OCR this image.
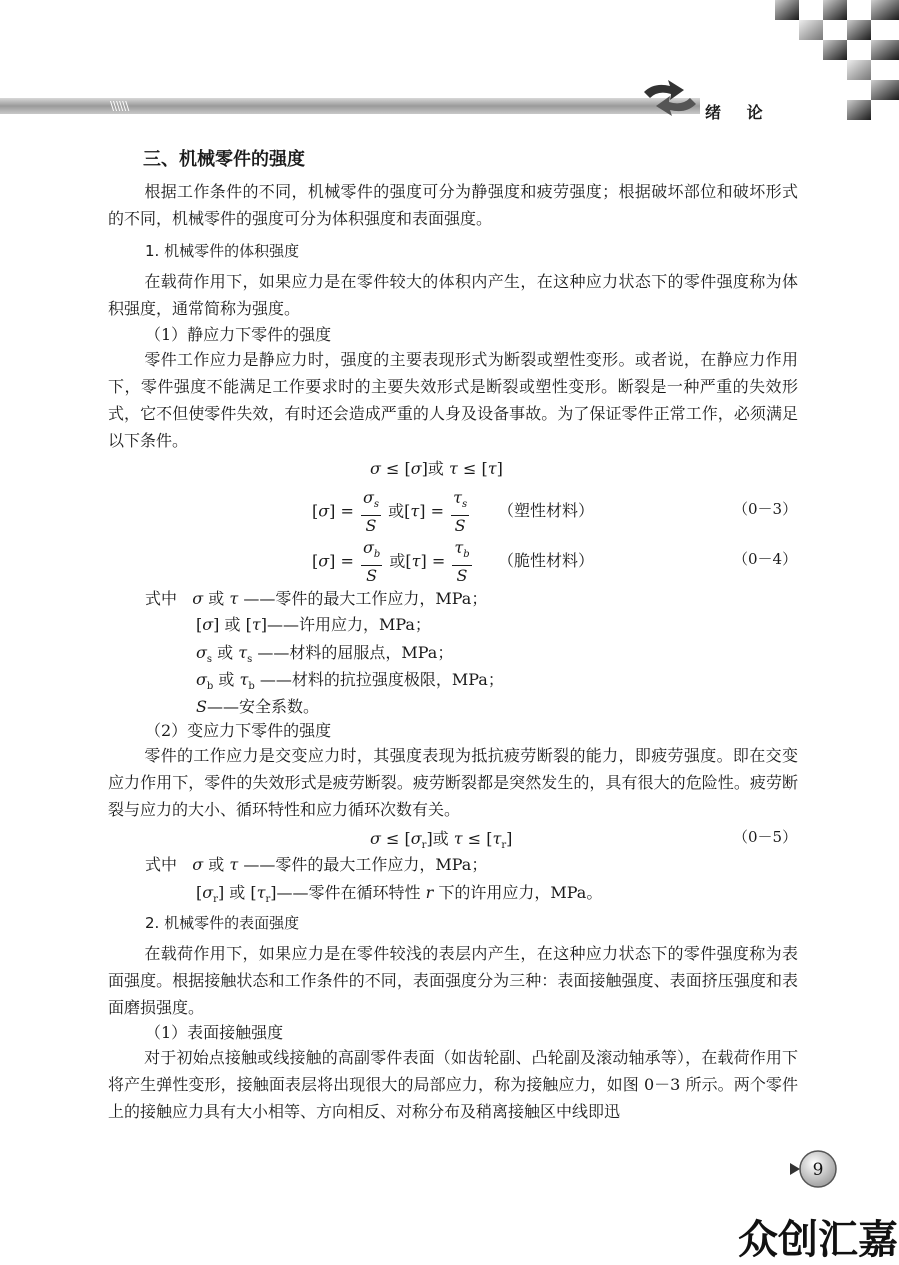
\\\\\\	绪 论
三、机械零件的强度

根据工作条件的不同，机械零件的强度可分为静强度和疲劳强度；根据破坏部位和破坏形式的不同，机械零件的强度可分为体积强度和表面强度。

1. 机械零件的体积强度

在载荷作用下，如果应力是在零件较大的体积内产生，在这种应力状态下的零件强度称为体积强度，通常简称为强度。

（1）静应力下零件的强度

零件工作应力是静应力时，强度的主要表现形式为断裂或塑性变形。或者说，在静应力作用下，零件强度不能满足工作要求时的主要失效形式是断裂或塑性变形。断裂是一种严重的失效形式，它不但使零件失效，有时还会造成严重的人身及设备事故。为了保证零件正常工作，必须满足以下条件。

σ ≤ [σ]或 τ ≤ [τ]
$[\sigma] = \frac{\sigma_s}{S}$ 或$[\tau] = \frac{\tau_s}{S}$ （塑性材料）	（0－3）
$[\sigma] = \frac{\sigma_b}{S}$ 或$[\tau] = \frac{\tau_b}{S}$ （脆性材料）	（0－4）
式中 σ 或 τ ——零件的最大工作应力，MPa；
[σ] 或 [τ]——许用应力，MPa；
$\sigma_s$ 或 $\tau_s$ ——材料的屈服点，MPa；
$\sigma_b$ 或 $\tau_b$ ——材料的抗拉强度极限，MPa；
S——安全系数。
（2）变应力下零件的强度

零件的工作应力是交变应力时，其强度表现为抵抗疲劳断裂的能力，即疲劳强度。即在交变应力作用下，零件的失效形式是疲劳断裂。疲劳断裂都是突然发生的，具有很大的危险性。疲劳断裂与应力的大小、循环特性和应力循环次数有关。

$\sigma \le [\sigma_r]$或 $\tau \le [\tau_r]$	（0－5）
式中 σ 或 τ ——零件的最大工作应力，MPa；
$[\sigma_r]$ 或 $[\tau_r]——$零件在循环特性 r 下的许用应力，MPa。
2. 机械零件的表面强度

在载荷作用下，如果应力是在零件较浅的表层内产生，在这种应力状态下的零件强度称为表面强度。根据接触状态和工作条件的不同，表面强度分为三种：表面接触强度、表面挤压强度和表面磨损强度。

（1）表面接触强度

对于初始点接触或线接触的高副零件表面（如齿轮副、凸轮副及滚动轴承等），在载荷作用下将产生弹性变形，接触面表层将出现很大的局部应力，称为接触应力，如图 0－3 所示。两个零件上的接触应力具有大小相等、方向相反、对称分布及稍离接触区中线即迅

9
众创汇嘉
